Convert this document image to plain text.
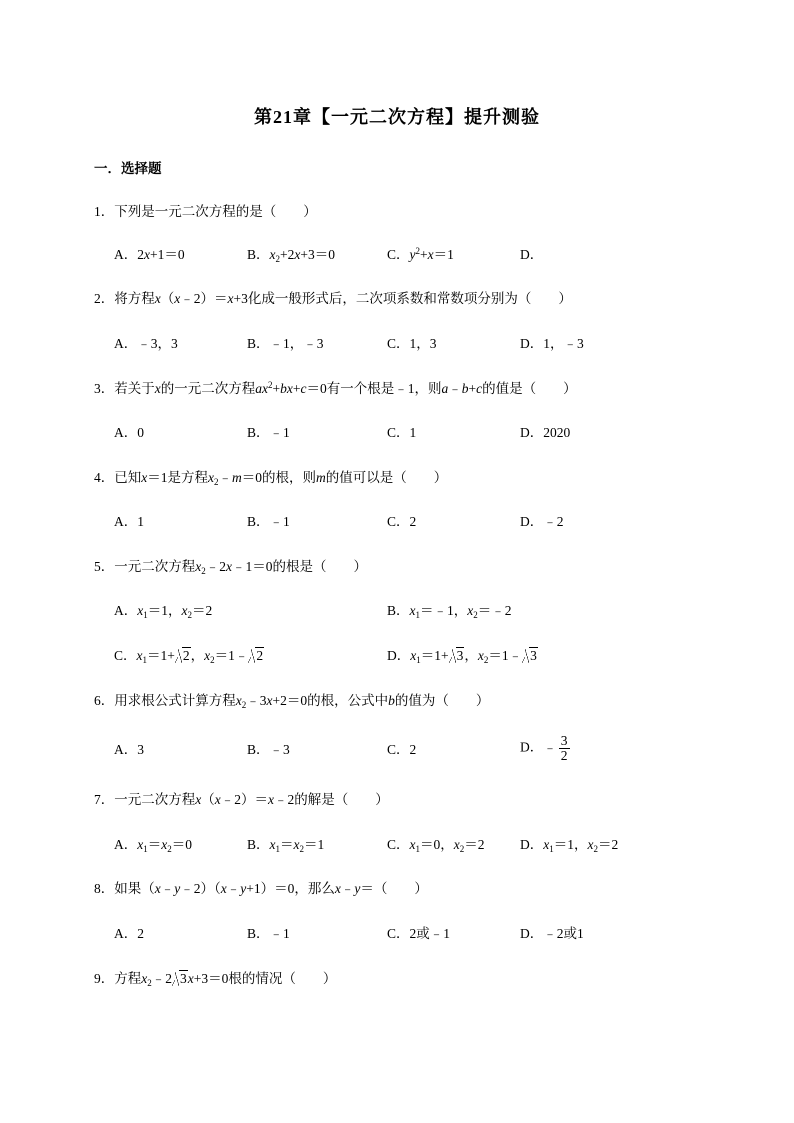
第21章【一元二次方程】提升测验
一．选择题
1．下列是一元二次方程的是（　　）
A．2x+1＝0	B．$x_2+2x+3=0$	C．$y^2+x=1$	D．
2．将方程x（x﹣2）＝x+3化成一般形式后，二次项系数和常数项分别为（　　）
A．﹣3，3	B．﹣1，﹣3	C．1，3	D．1，﹣3
3．若关于x的一元二次方程$ax^2+bx+c=0$有一个根是﹣1，则a﹣b+c的值是（　　）
A．0	B．﹣1	C．1	D．2020
4．已知x＝1是方程$x_2﹣m=0$的根，则m的值可以是（　　）
A．1	B．﹣1	C．2	D．﹣2
5．一元二次方程$x_2﹣2x﹣1=0$的根是（　　）
A．$x_1=1$，$x_2=2$	B．$x_1=﹣1$，$x_2=﹣2$
C．$x_1=1+ 2$，$x_2=1﹣$ 2	D．$x_1=1+ 3$，$x_2=1﹣$ 3
6．用求根公式计算方程$x_2﹣3x+2=0$的根，公式中b的值为（　　）
A．3	B．﹣3	C．2	D．﹣ $\frac{3}{2}$
7．一元二次方程x（x﹣2）＝x﹣2的解是（　　）
A．$x_1=x_2=0$	B．$x_1=x_2=1$	C．$x_1=0$，$x_2=2$	D．$x_1=1$，$x_2=2$
8．如果（x﹣y﹣2）（x﹣y+1）＝0，那么x﹣y＝（　　）
A．2	B．﹣1	C．2或﹣1	D．﹣2或1
9．方程$x_2﹣2$ 3x+3＝0根的情况（　　）
